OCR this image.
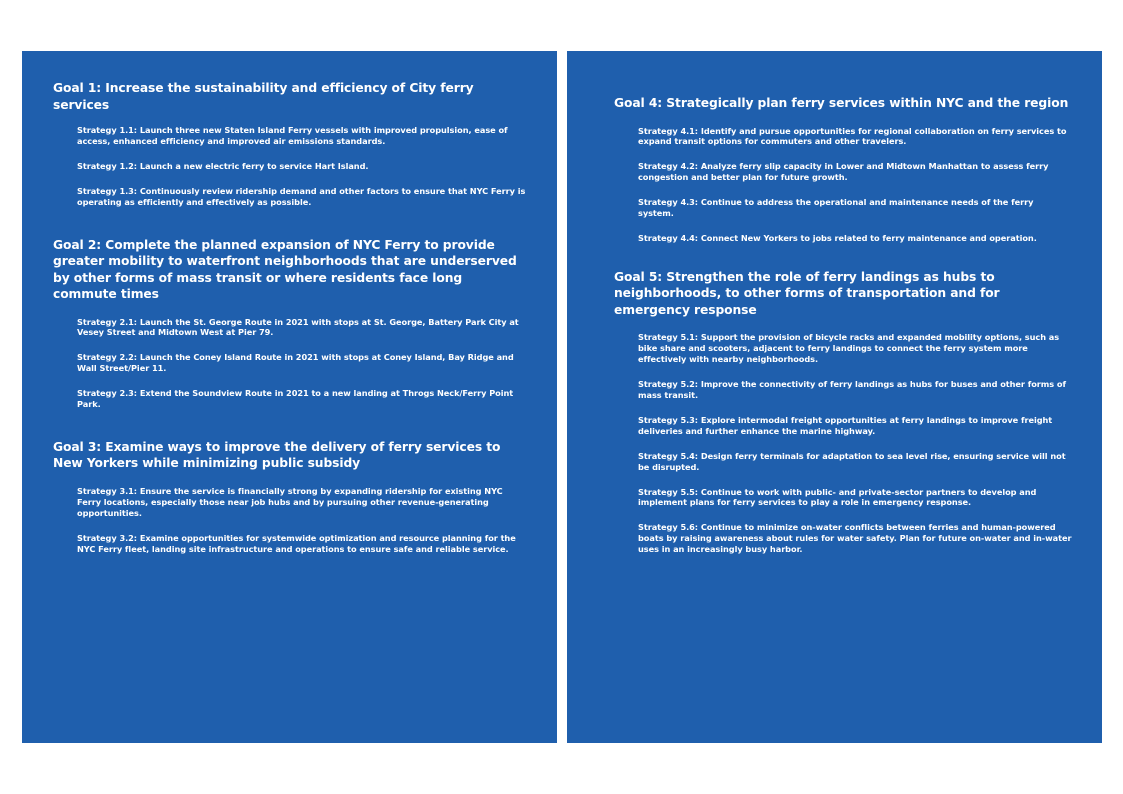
Goal 1: Increase the sustainability and efficiency of City ferry services

Strategy 1.1: Launch three new Staten Island Ferry vessels with improved propulsion, ease of access, enhanced efficiency and improved air emissions standards.

Strategy 1.2: Launch a new electric ferry to service Hart Island.

Strategy 1.3: Continuously review ridership demand and other factors to ensure that NYC Ferry is operating as efficiently and effectively as possible.

Goal 2: Complete the planned expansion of NYC Ferry to provide greater mobility to waterfront neighborhoods that are underserved by other forms of mass transit or where residents face long commute times

Strategy 2.1: Launch the St. George Route in 2021 with stops at St. George, Battery Park City at Vesey Street and Midtown West at Pier 79.

Strategy 2.2: Launch the Coney Island Route in 2021 with stops at Coney Island, Bay Ridge and Wall Street/Pier 11.

Strategy 2.3: Extend the Soundview Route in 2021 to a new landing at Throgs Neck/Ferry Point Park.

Goal 3: Examine ways to improve the delivery of ferry services to New Yorkers while minimizing public subsidy

Strategy 3.1: Ensure the service is financially strong by expanding ridership for existing NYC Ferry locations, especially those near job hubs and by pursuing other revenue-generating opportunities.

Strategy 3.2: Examine opportunities for systemwide optimization and resource planning for the NYC Ferry fleet, landing site infrastructure and operations to ensure safe and reliable service.

Goal 4: Strategically plan ferry services within NYC and the region

Strategy 4.1: Identify and pursue opportunities for regional collaboration on ferry services to expand transit options for commuters and other travelers.

Strategy 4.2: Analyze ferry slip capacity in Lower and Midtown Manhattan to assess ferry congestion and better plan for future growth.

Strategy 4.3: Continue to address the operational and maintenance needs of the ferry system.

Strategy 4.4: Connect New Yorkers to jobs related to ferry maintenance and operation.

Goal 5: Strengthen the role of ferry landings as hubs to neighborhoods, to other forms of transportation and for emergency response

Strategy 5.1: Support the provision of bicycle racks and expanded mobility options, such as bike share and scooters, adjacent to ferry landings to connect the ferry system more effectively with nearby neighborhoods.

Strategy 5.2: Improve the connectivity of ferry landings as hubs for buses and other forms of mass transit.

Strategy 5.3: Explore intermodal freight opportunities at ferry landings to improve freight deliveries and further enhance the marine highway.

Strategy 5.4: Design ferry terminals for adaptation to sea level rise, ensuring service will not be disrupted.

Strategy 5.5: Continue to work with public- and private-sector partners to develop and implement plans for ferry services to play a role in emergency response.

Strategy 5.6: Continue to minimize on-water conflicts between ferries and human-powered boats by raising awareness about rules for water safety. Plan for future on-water and in-water uses in an increasingly busy harbor.
